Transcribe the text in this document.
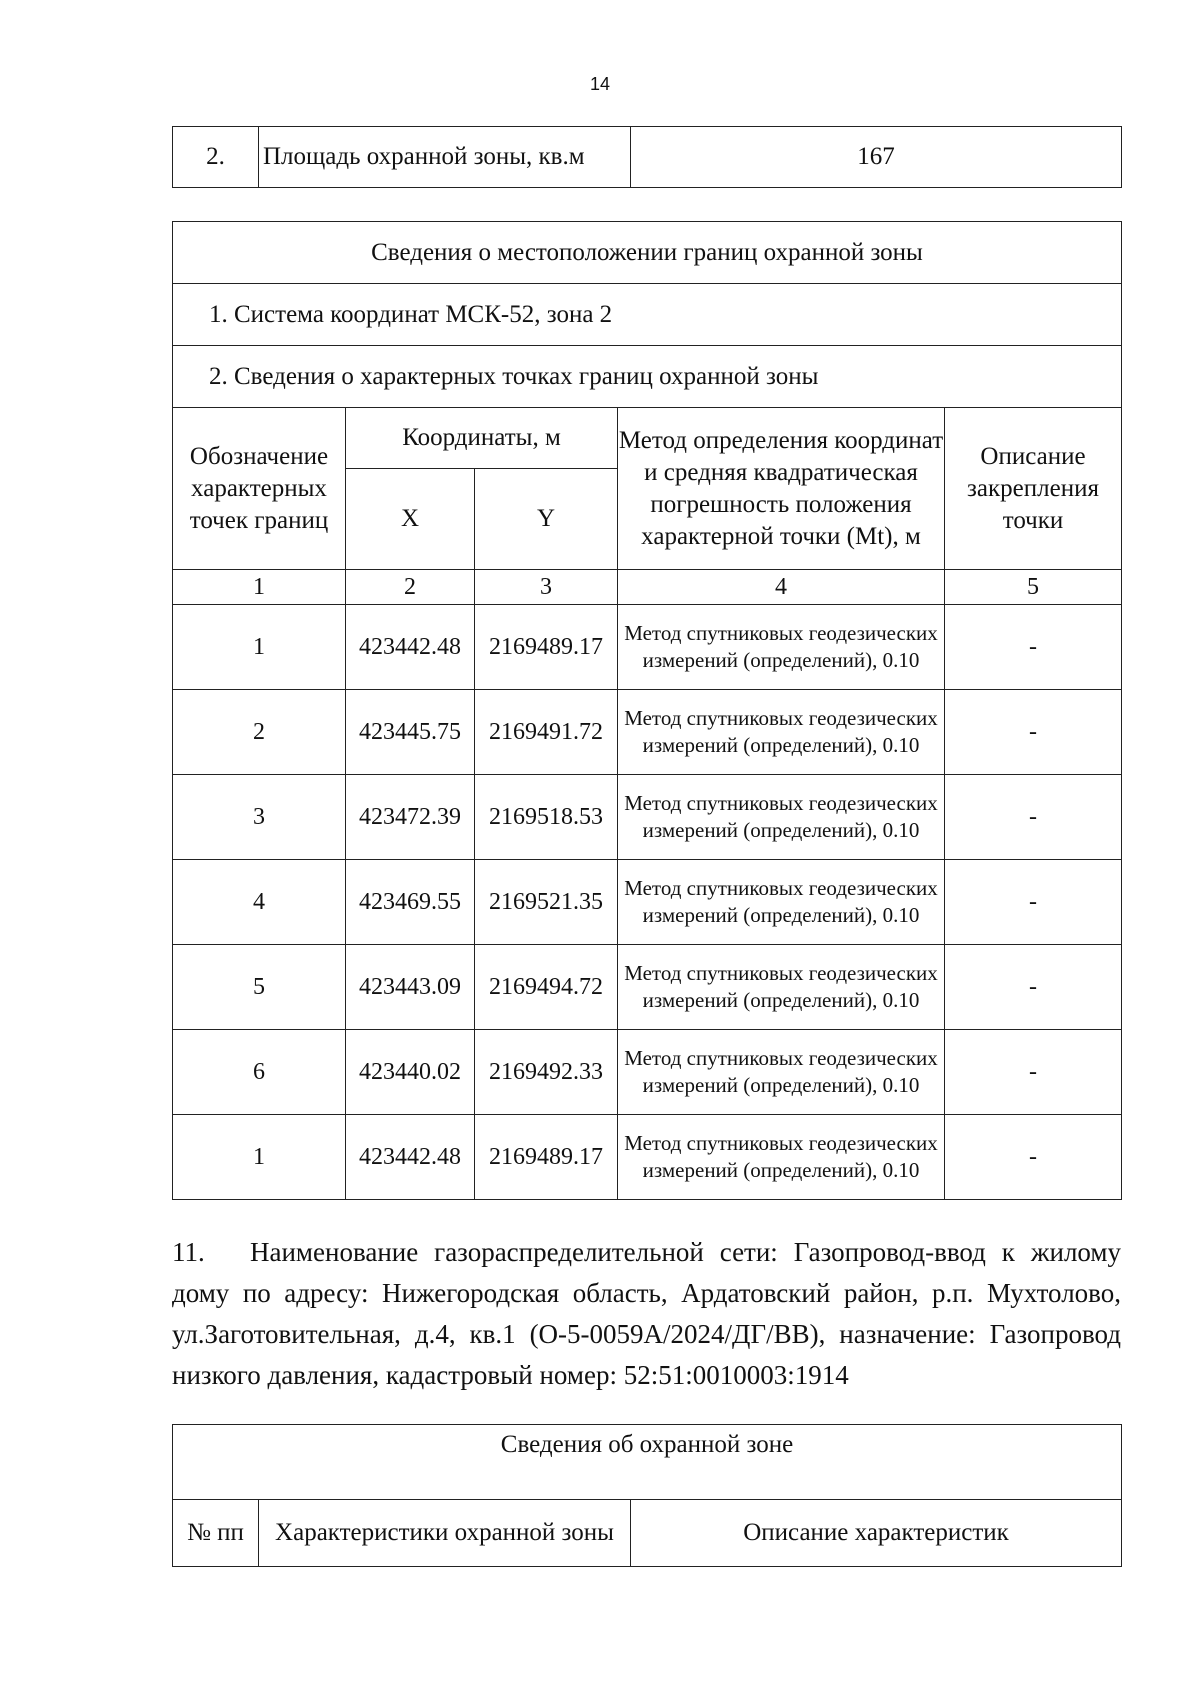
14
2.	Площадь охранной зоны, кв.м	167
Сведения о местоположении границ охранной зоны				
1. Система координат МСК-52, зона 2				
2. Сведения о характерных точках границ охранной зоны				
Обозначение характерных точек границ	Координаты, м		Метод определения координат и средняя квадратическая погрешность положения характерной точки (Mt), м	Описание закрепления точки
	X	Y		
1	2	3	4	5
1	423442.48	2169489.17	Метод спутниковых геодезических измерений (определений), 0.10	-
2	423445.75	2169491.72	Метод спутниковых геодезических измерений (определений), 0.10	-
3	423472.39	2169518.53	Метод спутниковых геодезических измерений (определений), 0.10	-
4	423469.55	2169521.35	Метод спутниковых геодезических измерений (определений), 0.10	-
5	423443.09	2169494.72	Метод спутниковых геодезических измерений (определений), 0.10	-
6	423440.02	2169492.33	Метод спутниковых геодезических измерений (определений), 0.10	-
1	423442.48	2169489.17	Метод спутниковых геодезических измерений (определений), 0.10	-
11. Наименование газораспределительной сети: Газопровод-ввод к жилому дому по адресу: Нижегородская область, Ардатовский район, р.п. Мухтолово, ул.Заготовительная, д.4, кв.1 (О-5-0059А/2024/ДГ/ВВ), назначение: Газопровод низкого давления, кадастровый номер: 52:51:0010003:1914
Сведения об охранной зоне
№ пп	Характеристики охранной зоны	Описание характеристик
